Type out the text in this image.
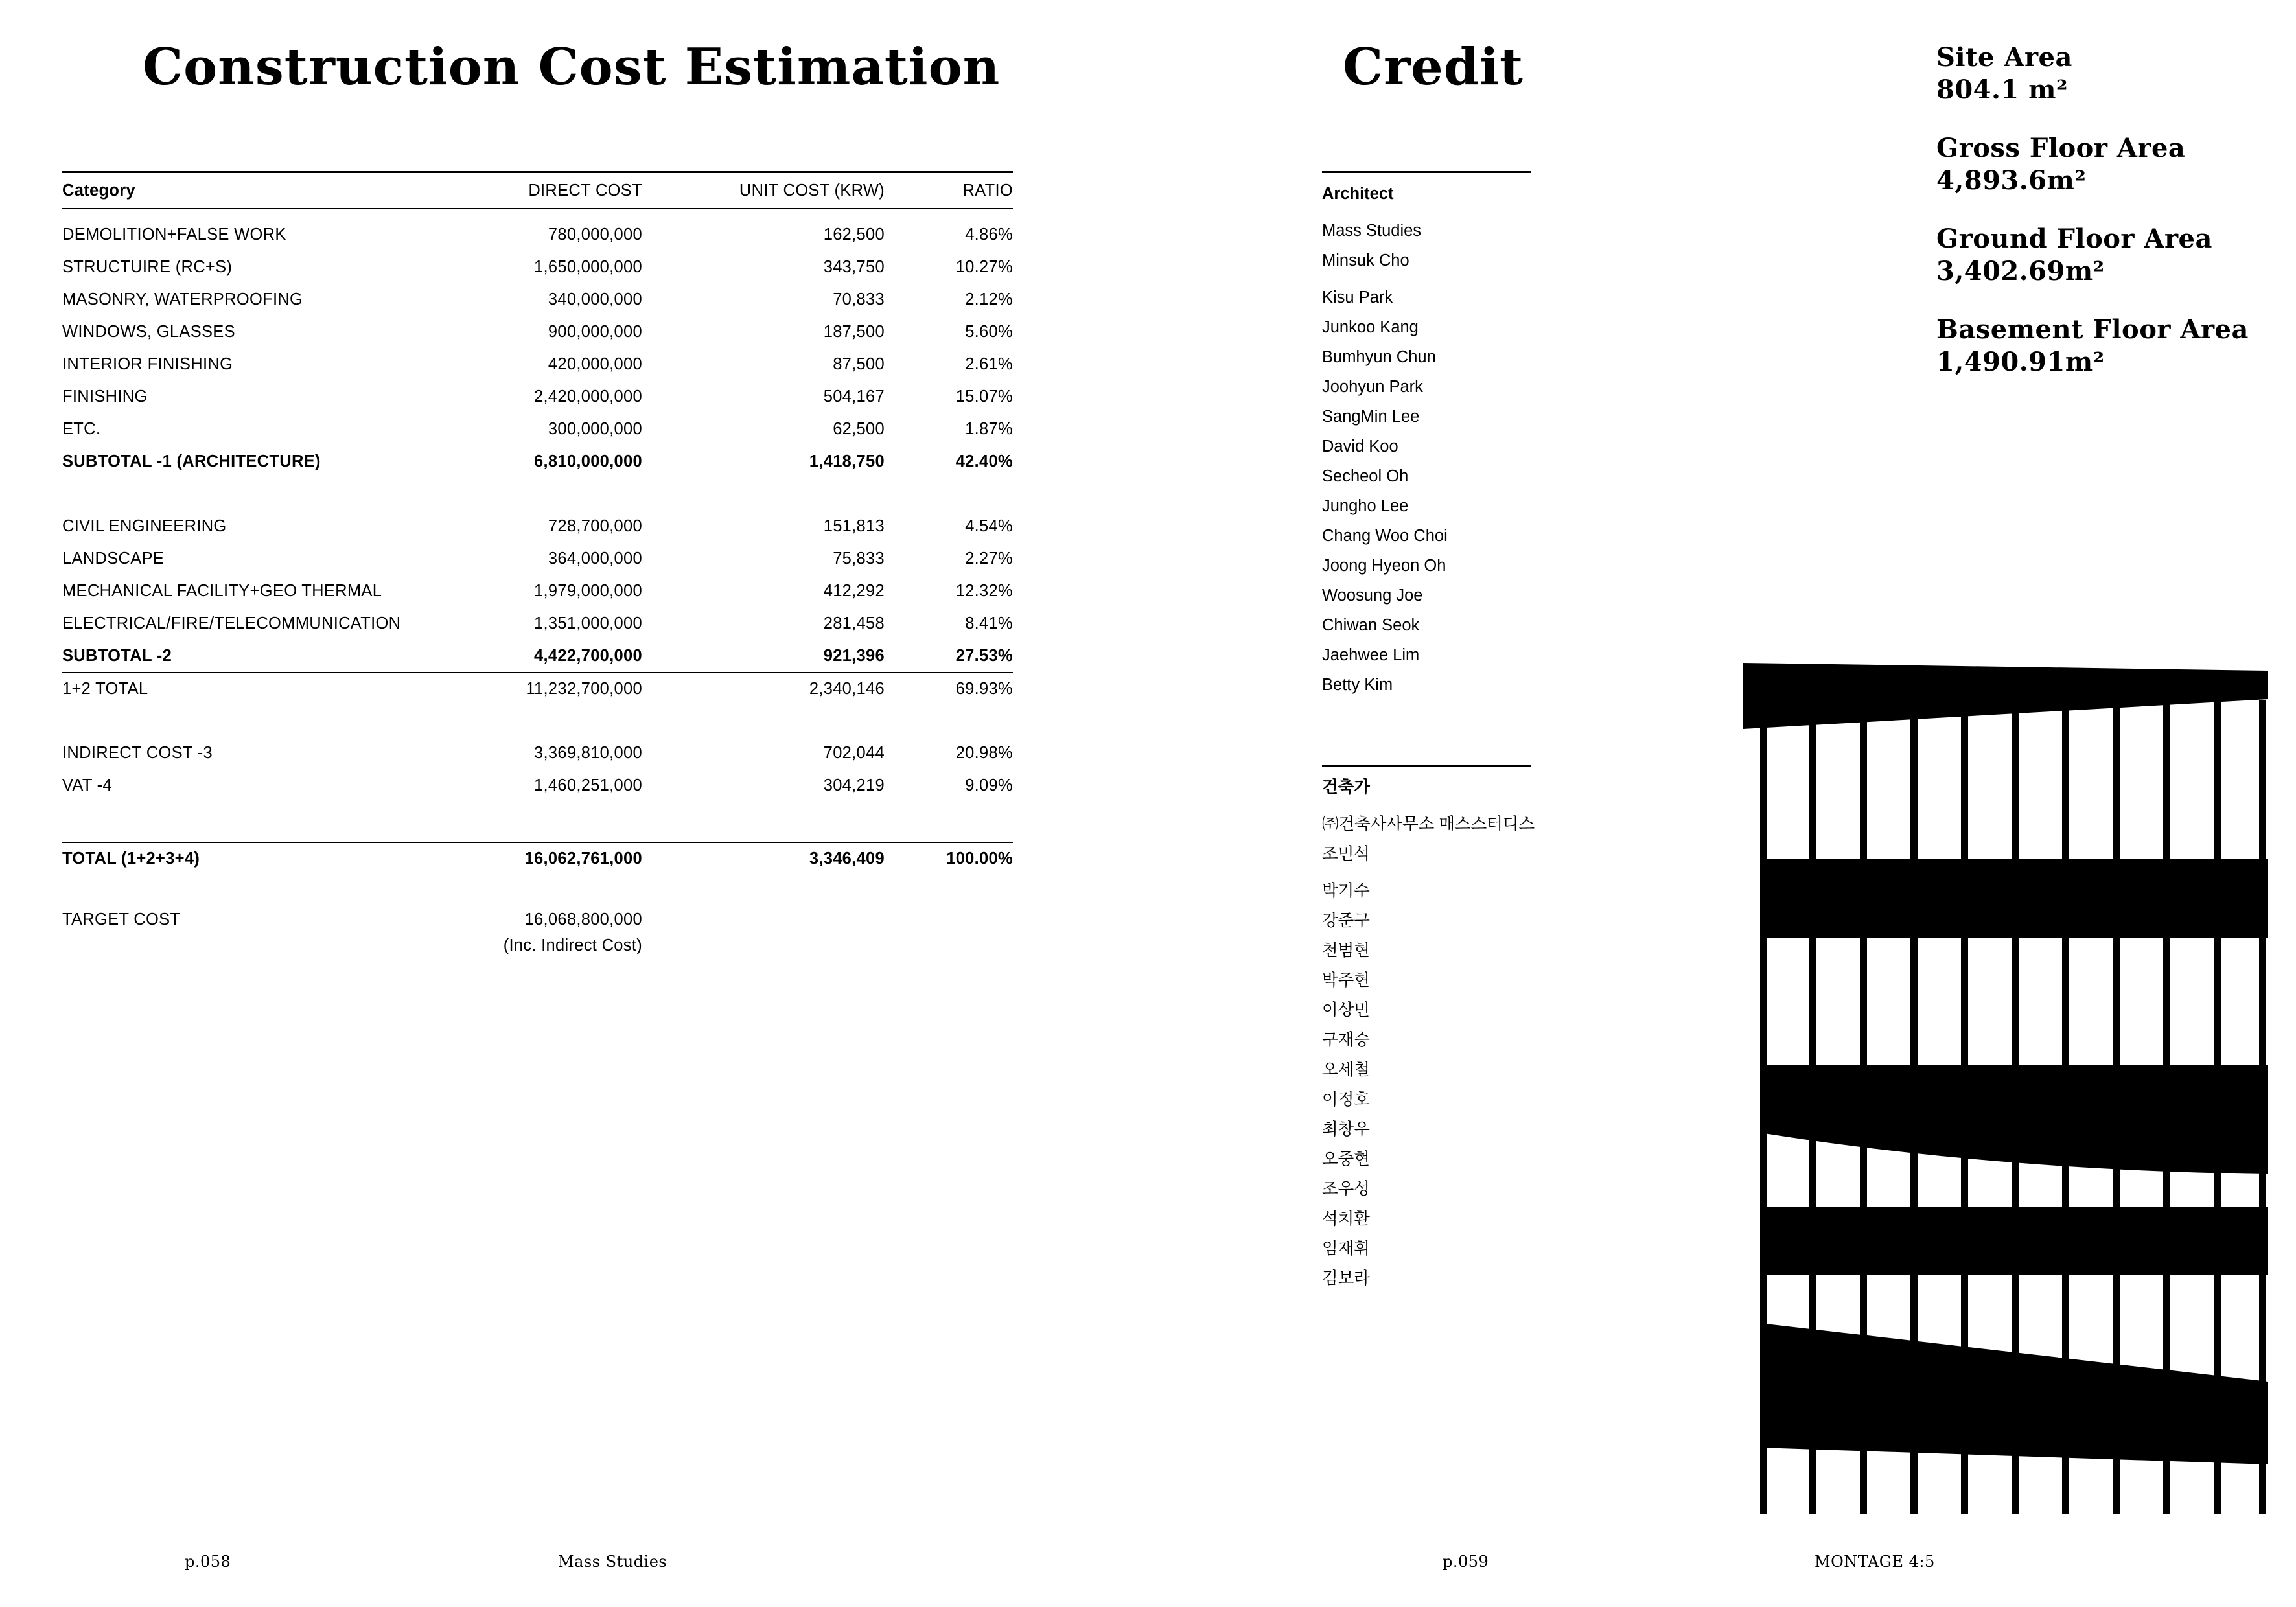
Construction Cost Estimation
Category	DIRECT COST	UNIT COST (KRW)	RATIO
DEMOLITION+FALSE WORK	780,000,000	162,500	4.86%
STRUCTUIRE (RC+S)	1,650,000,000	343,750	10.27%
MASONRY, WATERPROOFING	340,000,000	70,833	2.12%
WINDOWS, GLASSES	900,000,000	187,500	5.60%
INTERIOR FINISHING	420,000,000	87,500	2.61%
FINISHING	2,420,000,000	504,167	15.07%
ETC.	300,000,000	62,500	1.87%
SUBTOTAL -1 (ARCHITECTURE)	6,810,000,000	1,418,750	42.40%
CIVIL ENGINEERING	728,700,000	151,813	4.54%
LANDSCAPE	364,000,000	75,833	2.27%
MECHANICAL FACILITY+GEO THERMAL	1,979,000,000	412,292	12.32%
ELECTRICAL/FIRE/TELECOMMUNICATION	1,351,000,000	281,458	8.41%
SUBTOTAL -2	4,422,700,000	921,396	27.53%
1+2 TOTAL	11,232,700,000	2,340,146	69.93%
INDIRECT COST -3	3,369,810,000	702,044	20.98%
VAT -4	1,460,251,000	304,219	9.09%
TOTAL (1+2+3+4)	16,062,761,000	3,346,409	100.00%
TARGET COST	16,068,800,000
(Inc. Indirect Cost)
Credit
Architect
Mass Studies
Minsuk Cho
Kisu Park
Junkoo Kang
Bumhyun Chun
Joohyun Park
SangMin Lee
David Koo
Secheol Oh
Jungho Lee
Chang Woo Choi
Joong Hyeon Oh
Woosung Joe
Chiwan Seok
Jaehwee Lim
Betty Kim
건축가
㈜건축사사무소 매스스터디스
조민석
박기수
강준구
천범현
박주현
이상민
구재승
오세철
이정호
최창우
오중현
조우성
석치환
임재휘
김보라
Site Area
804.1 m²
Gross Floor Area
4,893.6m²
Ground Floor Area
3,402.69m²
Basement Floor Area
1,490.91m²
p.058	Mass Studies	p.059	MONTAGE 4:5
